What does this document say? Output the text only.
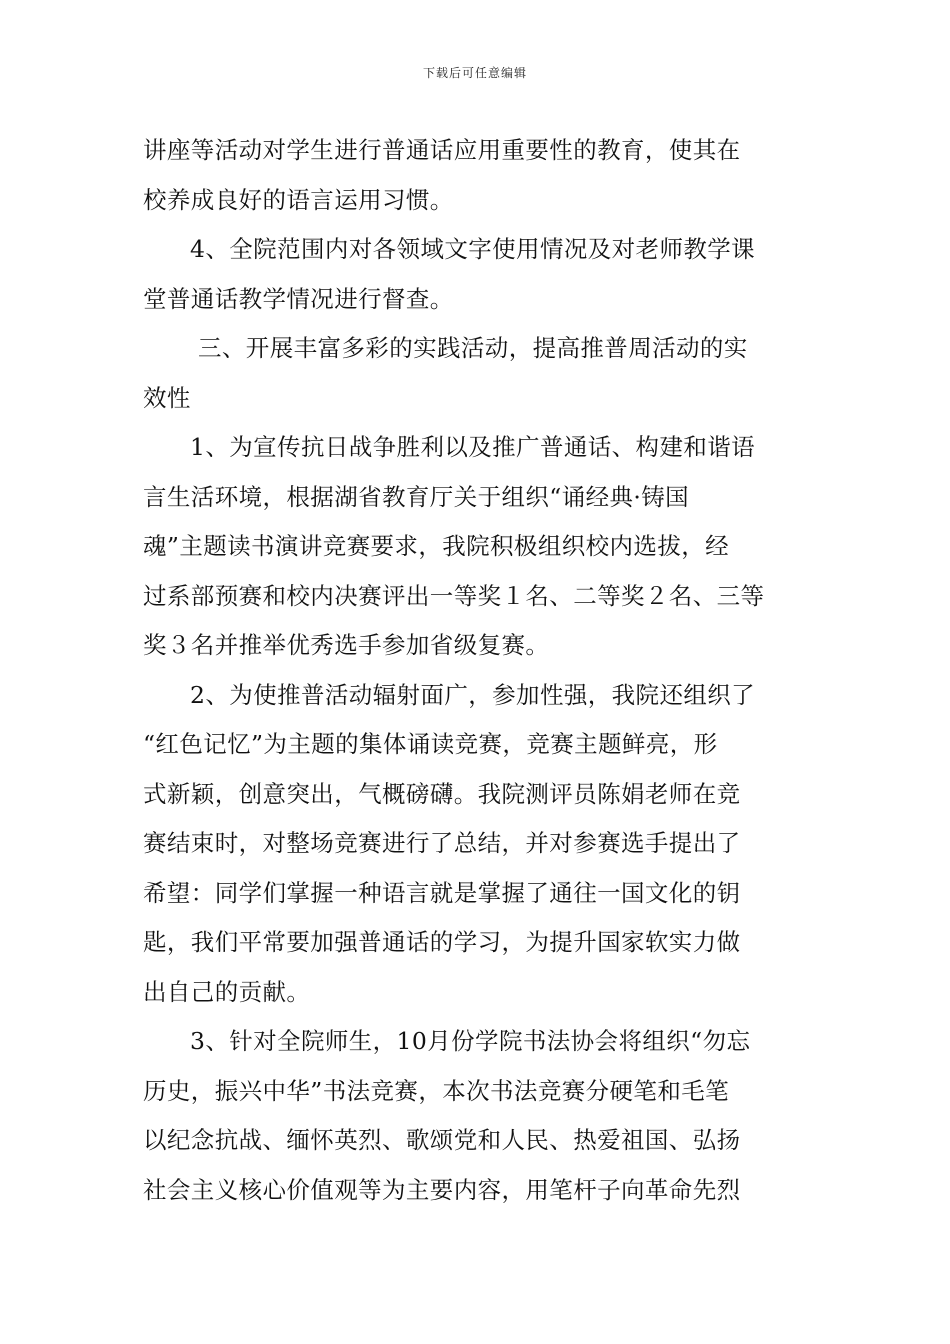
下载后可任意编辑
讲座等活动对学生进行普通话应用重要性的教育，使其在
校养成良好的语言运用习惯。
4、全院范围内对各领域文字使用情况及对老师教学课
堂普通话教学情况进行督查。
三、开展丰富多彩的实践活动，提高推普周活动的实
效性
1、为宣传抗日战争胜利以及推广普通话、构建和谐语
言生活环境，根据湖省教育厅关于组织“诵经典·铸国
魂”主题读书演讲竞赛要求，我院积极组织校内选拔，经
过系部预赛和校内决赛评出一等奖１名、二等奖２名、三等
奖３名并推举优秀选手参加省级复赛。
2、为使推普活动辐射面广，参加性强，我院还组织了
“红色记忆”为主题的集体诵读竞赛，竞赛主题鲜亮，形
式新颖，创意突出，气概磅礴。我院测评员陈娟老师在竞
赛结束时，对整场竞赛进行了总结，并对参赛选手提出了
希望：同学们掌握一种语言就是掌握了通往一国文化的钥
匙，我们平常要加强普通话的学习，为提升国家软实力做
出自己的贡献。
3、针对全院师生，10月份学院书法协会将组织“勿忘
历史，振兴中华”书法竞赛，本次书法竞赛分硬笔和毛笔
以纪念抗战、缅怀英烈、歌颂党和人民、热爱祖国、弘扬
社会主义核心价值观等为主要内容，用笔杆子向革命先烈
